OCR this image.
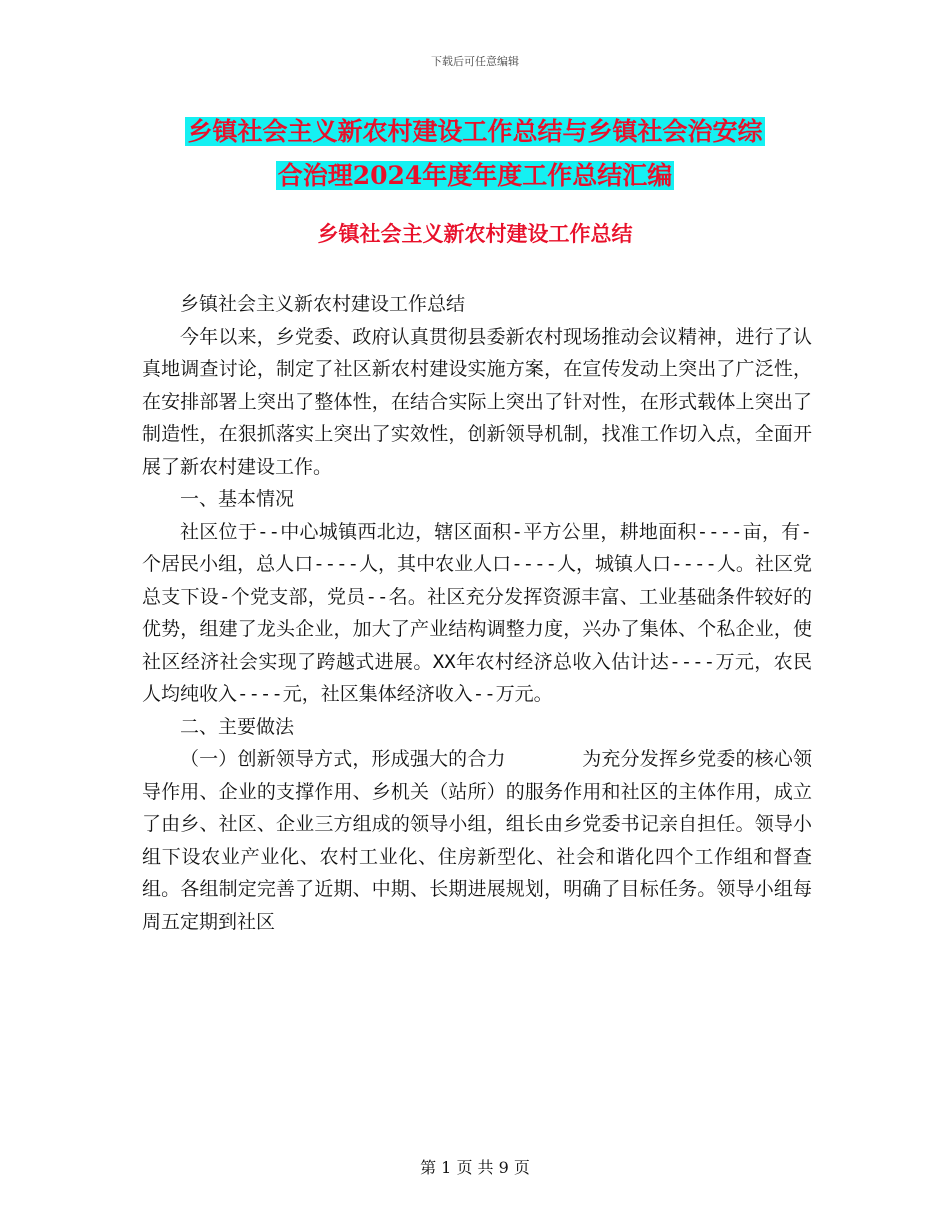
下载后可任意编辑
乡镇社会主义新农村建设工作总结与乡镇社会治安综
合治理2024年度年度工作总结汇编
乡镇社会主义新农村建设工作总结

乡镇社会主义新农村建设工作总结

今年以来，乡党委、政府认真贯彻县委新农村现场推动会议精神，进行了认真地调查讨论，制定了社区新农村建设实施方案，在宣传发动上突出了广泛性，在安排部署上突出了整体性，在结合实际上突出了针对性，在形式载体上突出了制造性，在狠抓落实上突出了实效性，创新领导机制，找准工作切入点，全面开展了新农村建设工作。

一、基本情况

社区位于--中心城镇西北边，辖区面积-平方公里，耕地面积----亩，有-个居民小组，总人口----人，其中农业人口----人，城镇人口----人。社区党总支下设-个党支部，党员--名。社区充分发挥资源丰富、工业基础条件较好的优势，组建了龙头企业，加大了产业结构调整力度，兴办了集体、个私企业，使社区经济社会实现了跨越式进展。XX年农村经济总收入估计达----万元，农民人均纯收入----元，社区集体经济收入--万元。

二、主要做法

（一）创新领导方式，形成强大的合力　　　　为充分发挥乡党委的核心领导作用、企业的支撑作用、乡机关（站所）的服务作用和社区的主体作用，成立了由乡、社区、企业三方组成的领导小组，组长由乡党委书记亲自担任。领导小组下设农业产业化、农村工业化、住房新型化、社会和谐化四个工作组和督查组。各组制定完善了近期、中期、长期进展规划，明确了目标任务。领导小组每周五定期到社区

第 1 页 共 9 页
